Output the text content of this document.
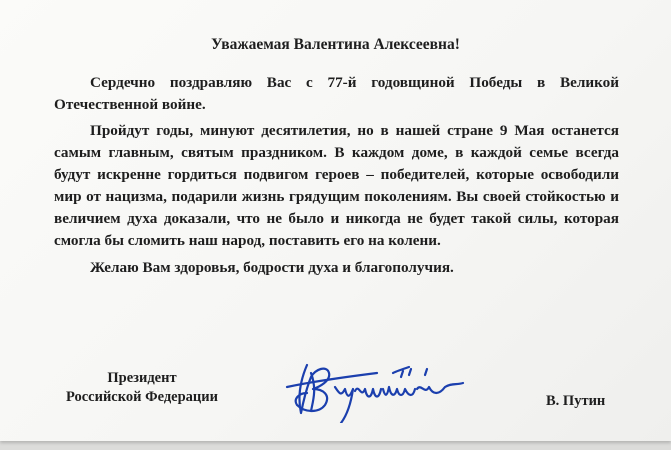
Уважаемая Валентина Алексеевна!

Сердечно поздравляю Вас с 77-й годовщиной Победы в Великой Отечественной войне.

Пройдут годы, минуют десятилетия, но в нашей стране 9 Мая останется самым главным, святым праздником. В каждом доме, в каждой семье всегда будут искренне гордиться подвигом героев – победителей, которые освободили мир от нацизма, подарили жизнь грядущим поколениям. Вы своей стойкостью и величием духа доказали, что не было и никогда не будет такой силы, которая смогла бы сломить наш народ, поставить его на колени.

Желаю Вам здоровья, бодрости духа и благополучия.

Президент
Российской Федерации	В. Путин
